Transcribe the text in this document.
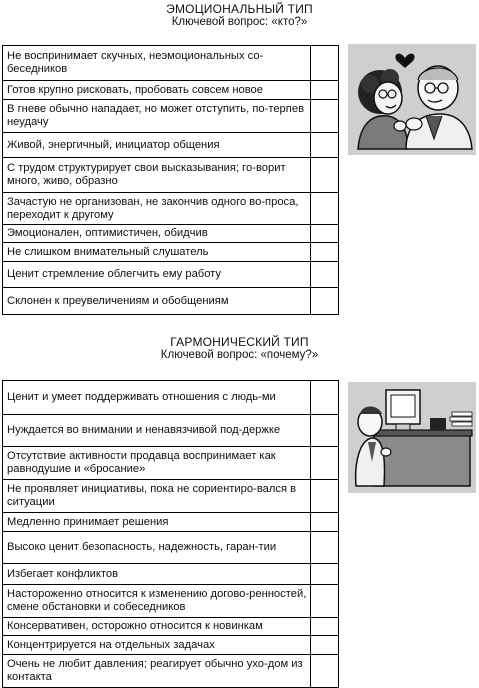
ЭМОЦИОНАЛЬНЫЙ ТИП
Ключевой вопрос: «кто?»
Не воспринимает скучных, неэмоциональных со-беседников	
Готов крупно рисковать, пробовать совсем новое	
В гневе обычно нападает, но может отступить, по-терпев неудачу	
Живой, энергичный, инициатор общения	
С трудом структурирует свои высказывания; го-ворит много, живо, образно	
Зачастую не организован, не закончив одного во-проса, переходит к другому	
Эмоционален, оптимистичен, обидчив	
Не слишком внимательный слушатель	
Ценит стремление облегчить ему работу	
Склонен к преувеличениям и обобщениям	
ГАРМОНИЧЕСКИЙ ТИП
Ключевой вопрос: «почему?»
Ценит и умеет поддерживать отношения с людь-ми	
Нуждается во внимании и ненавязчивой под-держке	
Отсутствие активности продавца воспринимает как равнодушие и «бросание»	
Не проявляет инициативы, пока не сориентиро-вался в ситуации	
Медленно принимает решения	
Высоко ценит безопасность, надежность, гаран-тии	
Избегает конфликтов	
Настороженно относится к изменению догово-ренностей, смене обстановки и собеседников	
Консервативен, осторожно относится к новинкам	
Концентрируется на отдельных задачах	
Очень не любит давления; реагирует обычно ухо-дом из контакта	
